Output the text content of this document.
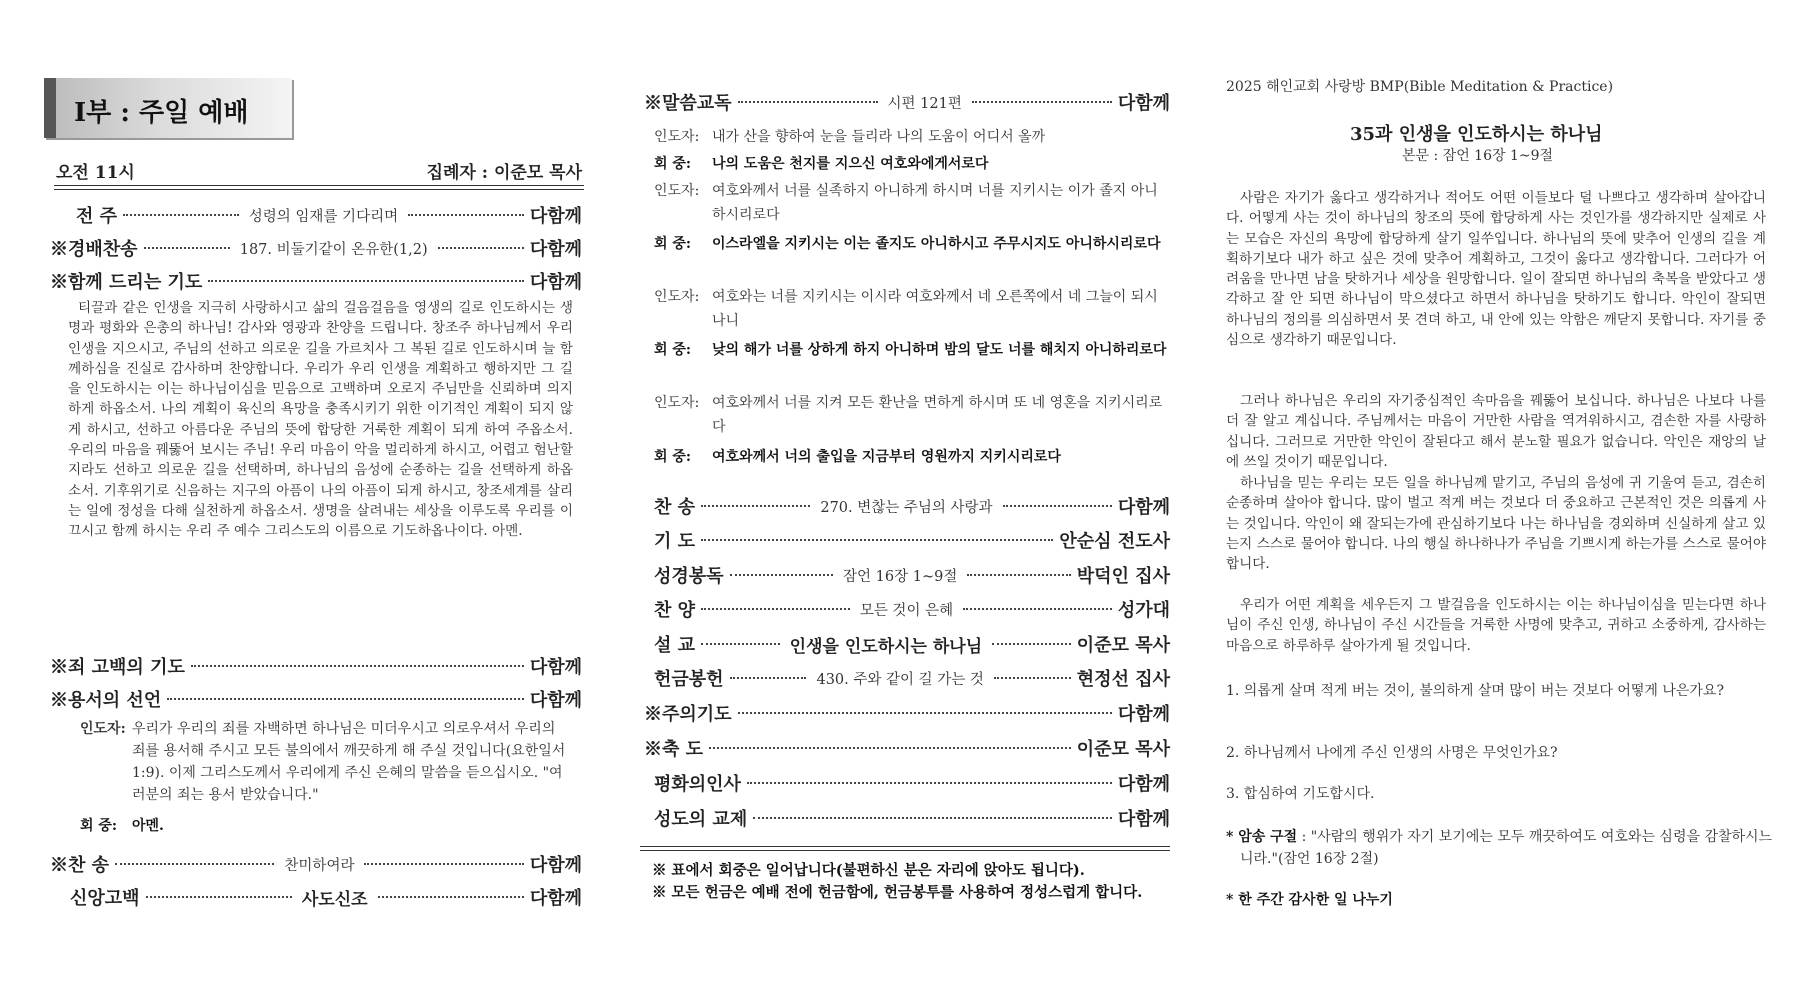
I부 : 주일 예배
오전 11시	집례자 : 이준모 목사
전 주	성령의 임재를 기다리며	다함께
※경배찬송	187. 비둘기같이 온유한(1,2)	다함께
※함께 드리는 기도	다함께
티끌과 같은 인생을 지극히 사랑하시고 삶의 걸음걸음을 영생의 길로 인도하시는 생명과 평화와 은총의 하나님! 감사와 영광과 찬양을 드립니다. 창조주 하나님께서 우리 인생을 지으시고, 주님의 선하고 의로운 길을 가르치사 그 복된 길로 인도하시며 늘 함께하심을 진실로 감사하며 찬양합니다. 우리가 우리 인생을 계획하고 행하지만 그 길을 인도하시는 이는 하나님이심을 믿음으로 고백하며 오로지 주님만을 신뢰하며 의지하게 하옵소서. 나의 계획이 육신의 욕망을 충족시키기 위한 이기적인 계획이 되지 않게 하시고, 선하고 아름다운 주님의 뜻에 합당한 거룩한 계획이 되게 하여 주옵소서. 우리의 마음을 꿰뚫어 보시는 주님! 우리 마음이 악을 멀리하게 하시고, 어렵고 험난할지라도 선하고 의로운 길을 선택하며, 하나님의 음성에 순종하는 길을 선택하게 하옵소서. 기후위기로 신음하는 지구의 아픔이 나의 아픔이 되게 하시고, 창조세계를 살리는 일에 정성을 다해 실천하게 하옵소서. 생명을 살려내는 세상을 이루도록 우리를 이끄시고 함께 하시는 우리 주 예수 그리스도의 이름으로 기도하옵나이다. 아멘.
※죄 고백의 기도	다함께
※용서의 선언	다함께
인도자: 우리가 우리의 죄를 자백하면 하나님은 미더우시고 의로우셔서 우리의 죄를 용서해 주시고 모든 불의에서 깨끗하게 해 주실 것입니다(요한일서 1:9). 이제 그리스도께서 우리에게 주신 은혜의 말씀을 듣으십시오. "여러분의 죄는 용서 받았습니다."
회 중: 아멘.
※찬 송	찬미하여라	다함께
신앙고백	사도신조	다함께
※말씀교독	시편 121편	다함께
인도자: 내가 산을 향하여 눈을 들리라 나의 도움이 어디서 올까
회 중: 나의 도움은 천지를 지으신 여호와에게서로다
인도자: 여호와께서 너를 실족하지 아니하게 하시며 너를 지키시는 이가 졸지 아니하시리로다
회 중: 이스라엘을 지키시는 이는 졸지도 아니하시고 주무시지도 아니하시리로다
인도자: 여호와는 너를 지키시는 이시라 여호와께서 네 오른쪽에서 네 그늘이 되시나니
회 중: 낮의 해가 너를 상하게 하지 아니하며 밤의 달도 너를 해치지 아니하리로다
인도자: 여호와께서 너를 지켜 모든 환난을 면하게 하시며 또 네 영혼을 지키시리로다
회 중: 여호와께서 너의 출입을 지금부터 영원까지 지키시리로다
찬 송	270. 변찮는 주님의 사랑과	다함께
기 도	안순심 전도사
성경봉독	잠언 16장 1~9절	박덕인 집사
찬 양	모든 것이 은혜	성가대
설 교	인생을 인도하시는 하나님	이준모 목사
헌금봉헌	430. 주와 같이 길 가는 것	현정선 집사
※주의기도	다함께
※축 도	이준모 목사
평화의인사	다함께
성도의 교제	다함께
※ 표에서 회중은 일어납니다(불편하신 분은 자리에 앉아도 됩니다).
※ 모든 헌금은 예배 전에 헌금함에, 헌금봉투를 사용하여 정성스럽게 합니다.
2025 해인교회 사랑방 BMP(Bible Meditation & Practice)
35과 인생을 인도하시는 하나님
본문 : 잠언 16장 1~9절
사람은 자기가 옳다고 생각하거나 적어도 어떤 이들보다 덜 나쁘다고 생각하며 살아갑니다. 어떻게 사는 것이 하나님의 창조의 뜻에 합당하게 사는 것인가를 생각하지만 실제로 사는 모습은 자신의 욕망에 합당하게 살기 일쑤입니다. 하나님의 뜻에 맞추어 인생의 길을 계획하기보다 내가 하고 싶은 것에 맞추어 계획하고, 그것이 옳다고 생각합니다. 그러다가 어려움을 만나면 남을 탓하거나 세상을 원망합니다. 일이 잘되면 하나님의 축복을 받았다고 생각하고 잘 안 되면 하나님이 막으셨다고 하면서 하나님을 탓하기도 합니다. 악인이 잘되면 하나님의 정의를 의심하면서 못 견뎌 하고, 내 안에 있는 악함은 깨닫지 못합니다. 자기를 중심으로 생각하기 때문입니다.
그러나 하나님은 우리의 자기중심적인 속마음을 꿰뚫어 보십니다. 하나님은 나보다 나를 더 잘 알고 계십니다. 주님께서는 마음이 거만한 사람을 역겨워하시고, 겸손한 자를 사랑하십니다. 그러므로 거만한 악인이 잘된다고 해서 분노할 필요가 없습니다. 악인은 재앙의 날에 쓰일 것이기 때문입니다.
하나님을 믿는 우리는 모든 일을 하나님께 맡기고, 주님의 음성에 귀 기울여 듣고, 겸손히 순종하며 살아야 합니다. 많이 벌고 적게 버는 것보다 더 중요하고 근본적인 것은 의롭게 사는 것입니다. 악인이 왜 잘되는가에 관심하기보다 나는 하나님을 경외하며 신실하게 살고 있는지 스스로 물어야 합니다. 나의 행실 하나하나가 주님을 기쁘시게 하는가를 스스로 물어야 합니다.
우리가 어떤 계획을 세우든지 그 발걸음을 인도하시는 이는 하나님이심을 믿는다면 하나님이 주신 인생, 하나님이 주신 시간들을 거룩한 사명에 맞추고, 귀하고 소중하게, 감사하는 마음으로 하루하루 살아가게 될 것입니다.
1. 의롭게 살며 적게 버는 것이, 불의하게 살며 많이 버는 것보다 어떻게 나은가요?
2. 하나님께서 나에게 주신 인생의 사명은 무엇인가요?
3. 합심하여 기도합시다.
* 암송 구절 : "사람의 행위가 자기 보기에는 모두 깨끗하여도 여호와는 심령을 감찰하시느니라."(잠언 16장 2절)
* 한 주간 감사한 일 나누기
